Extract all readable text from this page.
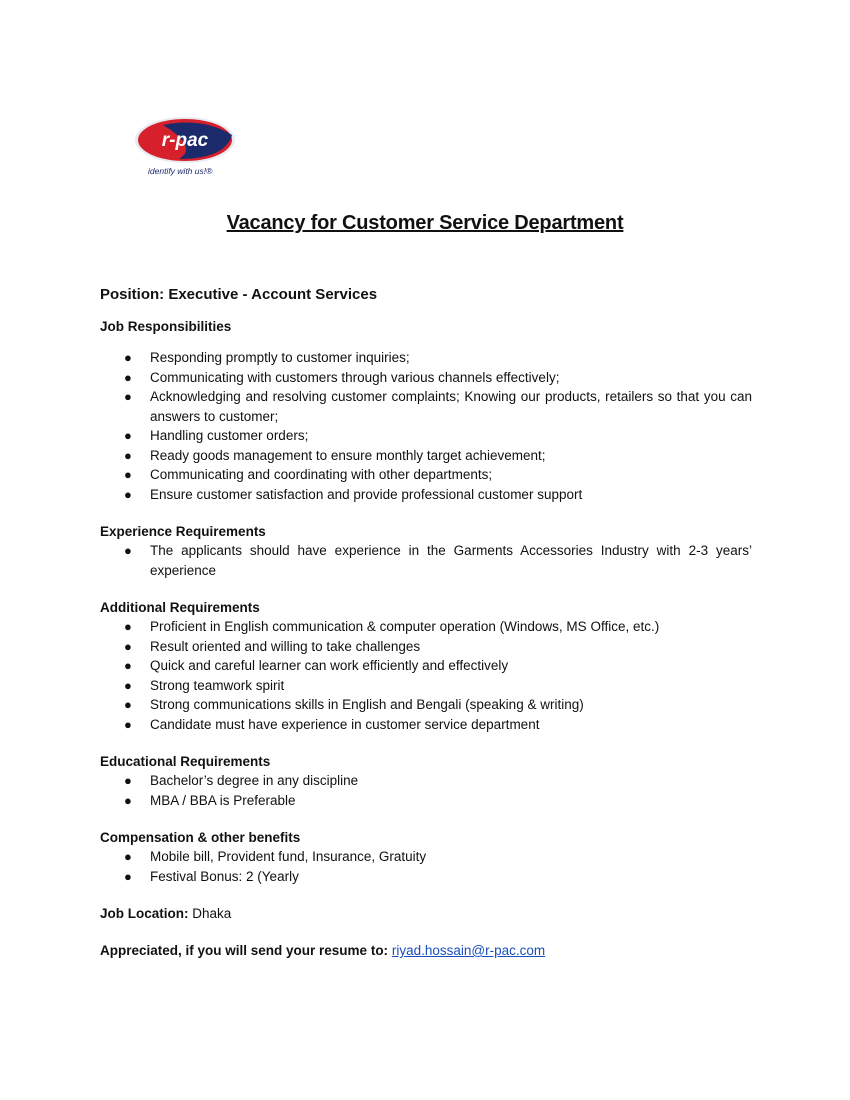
r-pac
identify with us!®
Vacancy for Customer Service Department

Position: Executive - Account Services

Job Responsibilities

● Responding promptly to customer inquiries;
● Communicating with customers through various channels effectively;
● Acknowledging and resolving customer complaints; Knowing our products, retailers so that you can answers to customer;
● Handling customer orders;
● Ready goods management to ensure monthly target achievement;
● Communicating and coordinating with other departments;
● Ensure customer satisfaction and provide professional customer support

Experience Requirements

● The applicants should have experience in the Garments Accessories Industry with 2-3 years’ experience

Additional Requirements

● Proficient in English communication & computer operation (Windows, MS Office, etc.)
● Result oriented and willing to take challenges
● Quick and careful learner can work efficiently and effectively
● Strong teamwork spirit
● Strong communications skills in English and Bengali (speaking & writing)
● Candidate must have experience in customer service department

Educational Requirements

● Bachelor’s degree in any discipline
● MBA / BBA is Preferable

Compensation & other benefits

● Mobile bill, Provident fund, Insurance, Gratuity
● Festival Bonus: 2 (Yearly

Job Location: Dhaka

Appreciated, if you will send your resume to: riyad.hossain@r-pac.com
